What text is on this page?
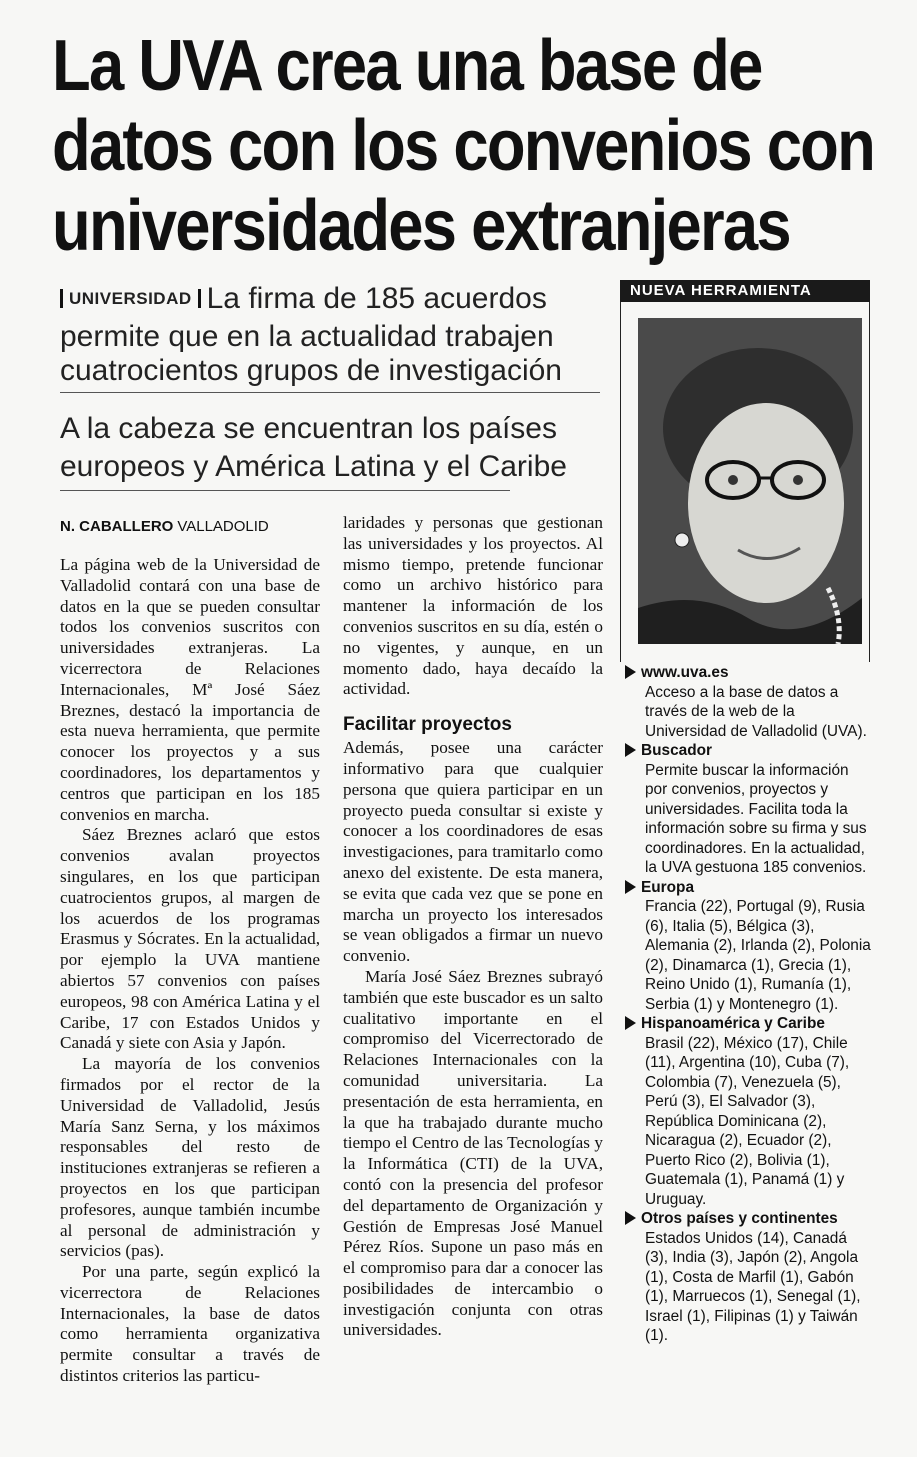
La UVA crea una base de datos con los convenios con universidades extranjeras
UNIVERSIDAD La firma de 185 acuerdos permite que en la actualidad trabajen cuatrocientos grupos de investigación
A la cabeza se encuentran los países europeos y América Latina y el Caribe
N. CABALLERO VALLADOLID

La página web de la Universidad de Valladolid contará con una base de datos en la que se pueden consultar todos los convenios suscritos con universidades extranjeras. La vicerrectora de Relaciones Internacionales, Mª José Sáez Breznes, destacó la importancia de esta nueva herramienta, que permite conocer los proyectos y a sus coordinadores, los departamentos y centros que participan en los 185 convenios en marcha.

Sáez Breznes aclaró que estos convenios avalan proyectos singulares, en los que participan cuatrocientos grupos, al margen de los acuerdos de los programas Erasmus y Sócrates. En la actualidad, por ejemplo la UVA mantiene abiertos 57 convenios con países europeos, 98 con América Latina y el Caribe, 17 con Estados Unidos y Canadá y siete con Asia y Japón.

La mayoría de los convenios firmados por el rector de la Universidad de Valladolid, Jesús María Sanz Serna, y los máximos responsables del resto de instituciones extranjeras se refieren a proyectos en los que participan profesores, aunque también incumbe al personal de administración y servicios (pas).

Por una parte, según explicó la vicerrectora de Relaciones Internacionales, la base de datos como herramienta organizativa permite consultar a través de distintos criterios las particu-

laridades y personas que gestionan las universidades y los proyectos. Al mismo tiempo, pretende funcionar como un archivo histórico para mantener la información de los convenios suscritos en su día, estén o no vigentes, y aunque, en un momento dado, haya decaído la actividad.

Facilitar proyectos

Además, posee una carácter informativo para que cualquier persona que quiera participar en un proyecto pueda consultar si existe y conocer a los coordinadores de esas investigaciones, para tramitarlo como anexo del existente. De esta manera, se evita que cada vez que se pone en marcha un proyecto los interesados se vean obligados a firmar un nuevo convenio.

María José Sáez Breznes subrayó también que este buscador es un salto cualitativo importante en el compromiso del Vicerrectorado de Relaciones Internacionales con la comunidad universitaria. La presentación de esta herramienta, en la que ha trabajado durante mucho tiempo el Centro de las Tecnologías y la Informática (CTI) de la UVA, contó con la presencia del profesor del departamento de Organización y Gestión de Empresas José Manuel Pérez Ríos. Supone un paso más en el compromiso para dar a conocer las posibilidades de intercambio o investigación conjunta con otras universidades.

NUEVA HERRAMIENTA
www.uva.es
Acceso a la base de datos a través de la web de la Universidad de Valladolid (UVA).
Buscador
Permite buscar la información por convenios, proyectos y universidades. Facilita toda la información sobre su firma y sus coordinadores. En la actualidad, la UVA gestuona 185 convenios.
Europa
Francia (22), Portugal (9), Rusia (6), Italia (5), Bélgica (3), Alemania (2), Irlanda (2), Polonia (2), Dinamarca (1), Grecia (1), Reino Unido (1), Rumanía (1), Serbia (1) y Montenegro (1).
Hispanoamérica y Caribe
Brasil (22), México (17), Chile (11), Argentina (10), Cuba (7), Colombia (7), Venezuela (5), Perú (3), El Salvador (3), República Dominicana (2), Nicaragua (2), Ecuador (2), Puerto Rico (2), Bolivia (1), Guatemala (1), Panamá (1) y Uruguay.
Otros países y continentes
Estados Unidos (14), Canadá (3), India (3), Japón (2), Angola (1), Costa de Marfil (1), Gabón (1), Marruecos (1), Senegal (1), Israel (1), Filipinas (1) y Taiwán (1).
